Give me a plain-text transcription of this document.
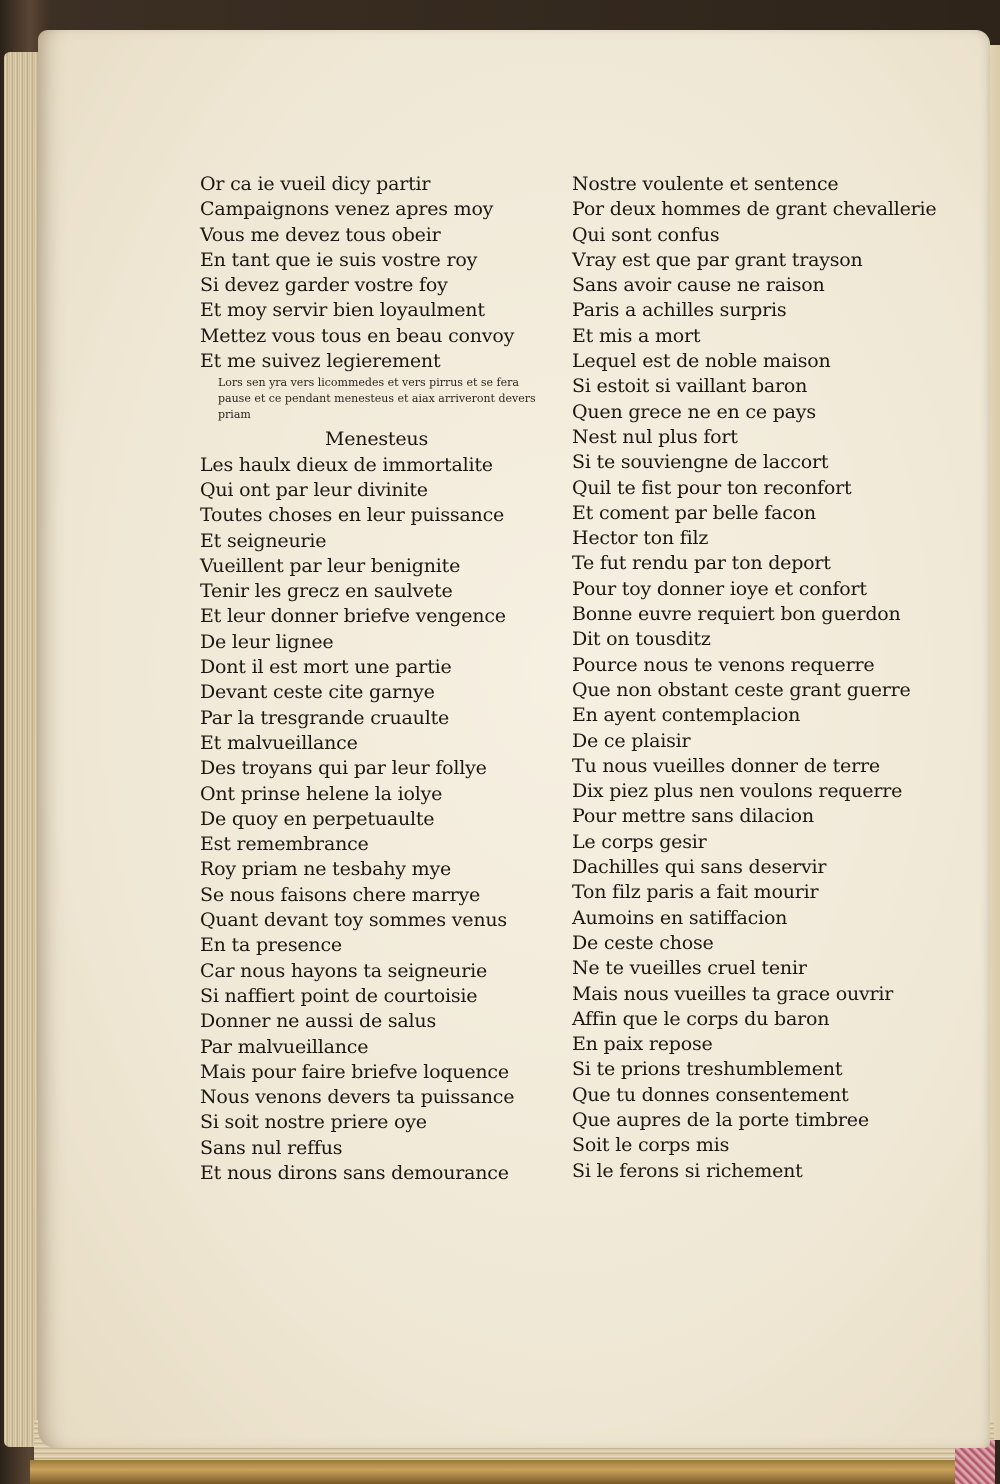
Or ca ie vueil dicy partir
Campaignons venez apres moy
Vous me devez tous obeir
En tant que ie suis vostre roy
Si devez garder vostre foy
Et moy servir bien loyaulment
Mettez vous tous en beau convoy
Et me suivez legierement
Lors sen yra vers licommedes et vers pirrus et se fera pause et ce pendant menesteus et aiax arriveront devers priam
Menesteus
Les haulx dieux de immortalite
Qui ont par leur divinite
Toutes choses en leur puissance
Et seigneurie
Vueillent par leur benignite
Tenir les grecz en saulvete
Et leur donner briefve vengence
De leur lignee
Dont il est mort une partie
Devant ceste cite garnye
Par la tresgrande cruaulte
Et malvueillance
Des troyans qui par leur follye
Ont prinse helene la iolye
De quoy en perpetuaulte
Est remembrance
Roy priam ne tesbahy mye
Se nous faisons chere marrye
Quant devant toy sommes venus
En ta presence
Car nous hayons ta seigneurie
Si naffiert point de courtoisie
Donner ne aussi de salus
Par malvueillance
Mais pour faire briefve loquence
Nous venons devers ta puissance
Si soit nostre priere oye
Sans nul reffus
Et nous dirons sans demourance
Nostre voulente et sentence
Por deux hommes de grant chevallerie
Qui sont confus
Vray est que par grant trayson
Sans avoir cause ne raison
Paris a achilles surpris
Et mis a mort
Lequel est de noble maison
Si estoit si vaillant baron
Quen grece ne en ce pays
Nest nul plus fort
Si te souviengne de laccort
Quil te fist pour ton reconfort
Et coment par belle facon
Hector ton filz
Te fut rendu par ton deport
Pour toy donner ioye et confort
Bonne euvre requiert bon guerdon
Dit on tousditz
Pource nous te venons requerre
Que non obstant ceste grant guerre
En ayent contemplacion
De ce plaisir
Tu nous vueilles donner de terre
Dix piez plus nen voulons requerre
Pour mettre sans dilacion
Le corps gesir
Dachilles qui sans deservir
Ton filz paris a fait mourir
Aumoins en satiffacion
De ceste chose
Ne te vueilles cruel tenir
Mais nous vueilles ta grace ouvrir
Affin que le corps du baron
En paix repose
Si te prions treshumblement
Que tu donnes consentement
Que aupres de la porte timbree
Soit le corps mis
Si le ferons si richement
